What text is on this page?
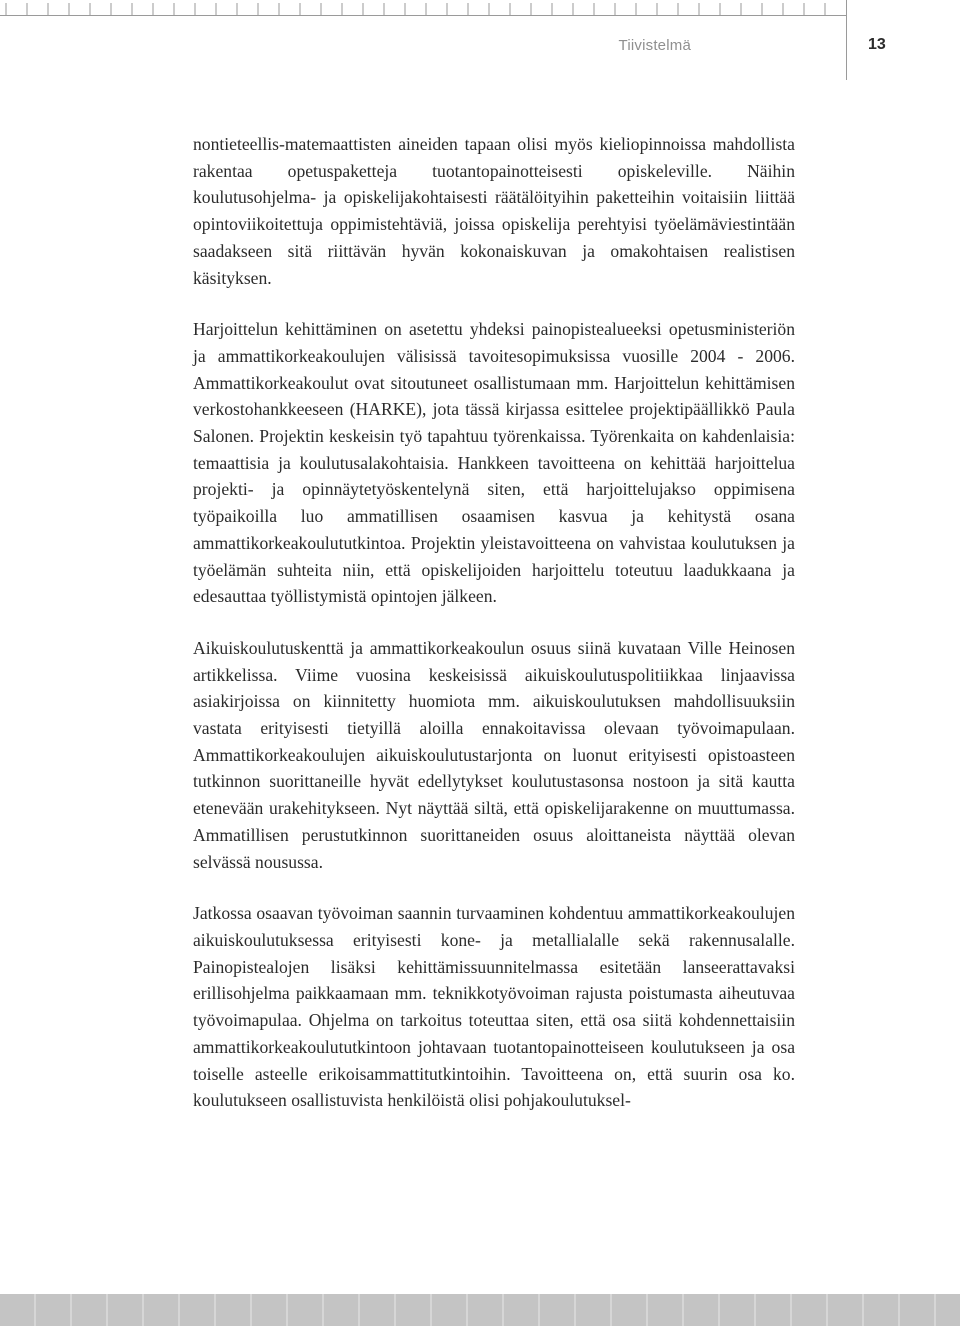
Tiivistelmä	13

nontieteellis-matemaattisten aineiden tapaan olisi myös kieliopinnoissa mahdollista rakentaa opetuspaketteja tuotantopainotteisesti opiskeleville. Näihin koulutusohjelma- ja opiskelijakohtaisesti räätälöityihin paketteihin voitaisiin liittää opintoviikoitettuja oppimistehtäviä, joissa opiskelija perehtyisi työelämäviestintään saadakseen sitä riittävän hyvän kokonaiskuvan ja omakohtaisen realistisen käsityksen.

Harjoittelun kehittäminen on asetettu yhdeksi painopistealueeksi opetusministeriön ja ammattikorkeakoulujen välisissä tavoitesopimuksissa vuosille 2004 - 2006. Ammattikorkeakoulut ovat sitoutuneet osallistumaan mm. Harjoittelun kehittämisen verkostohankkeeseen (HARKE), jota tässä kirjassa esittelee projektipäällikkö Paula Salonen. Projektin keskeisin työ tapahtuu työrenkaissa. Työrenkaita on kahdenlaisia: temaattisia ja koulutusalakohtaisia. Hankkeen tavoitteena on kehittää harjoittelua projekti- ja opinnäytetyöskentelynä siten, että harjoittelujakso oppimisena työpaikoilla luo ammatillisen osaamisen kasvua ja kehitystä osana ammattikorkeakoulututkintoa. Projektin yleistavoitteena on vahvistaa koulutuksen ja työelämän suhteita niin, että opiskelijoiden harjoittelu toteutuu laadukkaana ja edesauttaa työllistymistä opintojen jälkeen.

Aikuiskoulutuskenttä ja ammattikorkeakoulun osuus siinä kuvataan Ville Heinosen artikkelissa. Viime vuosina keskeisissä aikuiskoulutuspolitiikkaa linjaavissa asiakirjoissa on kiinnitetty huomiota mm. aikuiskoulutuksen mahdollisuuksiin vastata erityisesti tietyillä aloilla ennakoitavissa olevaan työvoimapulaan. Ammattikorkeakoulujen aikuiskoulutustarjonta on luonut erityisesti opistoasteen tutkinnon suorittaneille hyvät edellytykset koulutustasonsa nostoon ja sitä kautta etenevään urakehitykseen. Nyt näyttää siltä, että opiskelijarakenne on muuttumassa. Ammatillisen perustutkinnon suorittaneiden osuus aloittaneista näyttää olevan selvässä nousussa.

Jatkossa osaavan työvoiman saannin turvaaminen kohdentuu ammattikorkeakoulujen aikuiskoulutuksessa erityisesti kone- ja metallialalle sekä rakennusalalle. Painopistealojen lisäksi kehittämissuunnitelmassa esitetään lanseerattavaksi erillisohjelma paikkaamaan mm. teknikkotyövoiman rajusta poistumasta aiheutuvaa työvoimapulaa. Ohjelma on tarkoitus toteuttaa siten, että osa siitä kohdennettaisiin ammattikorkeakoulututkintoon johtavaan tuotantopainotteiseen koulutukseen ja osa toiselle asteelle erikoisammattitutkintoihin. Tavoitteena on, että suurin osa ko. koulutukseen osallistuvista henkilöistä olisi pohjakoulutuksel-
